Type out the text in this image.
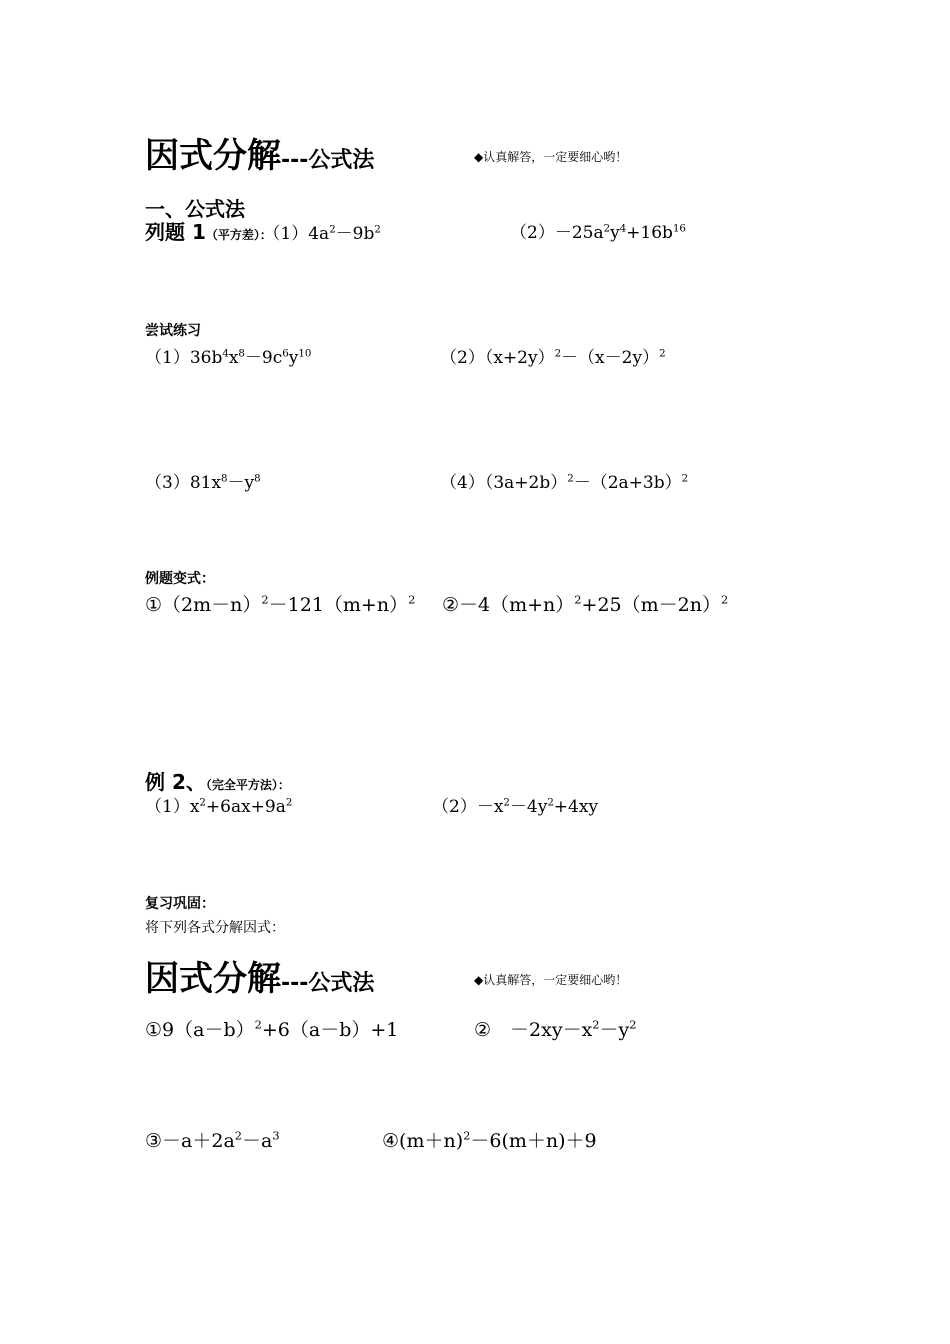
因式分解---公式法	◆认真解答，一定要细心哟！
一、公式法
列题 1（平方差）：$(1)4a^2-9b^2$	$(2)-25a^2y^4+16b^{16}$
尝试练习
$(1)36b^4x^8-9c^6y^{10}$	$(2)(x+2y)^2-(x-2y)^2$
$(3)81x^8-y^8$	$(4)(3a+2b)^2-(2a+3b)^2$
例题变式：
$①(2m-n)^2-121(m+n)^2$ $②-4(m+n)^2+25(m-2n)^2$
例 2、（完全平方法）：
$(1)x^2+6ax+9a^2$	$(2)-x^2-4y^2+4xy$
复习巩固：
将下列各式分解因式：
因式分解---公式法	◆认真解答，一定要细心哟！
$①9(a-b)^2+6(a-b)+1$	②　$-2xy-x^2-y^2$
$③-a+2a^2-a^3$	$④(m+n)^2-6(m+n)+9$
